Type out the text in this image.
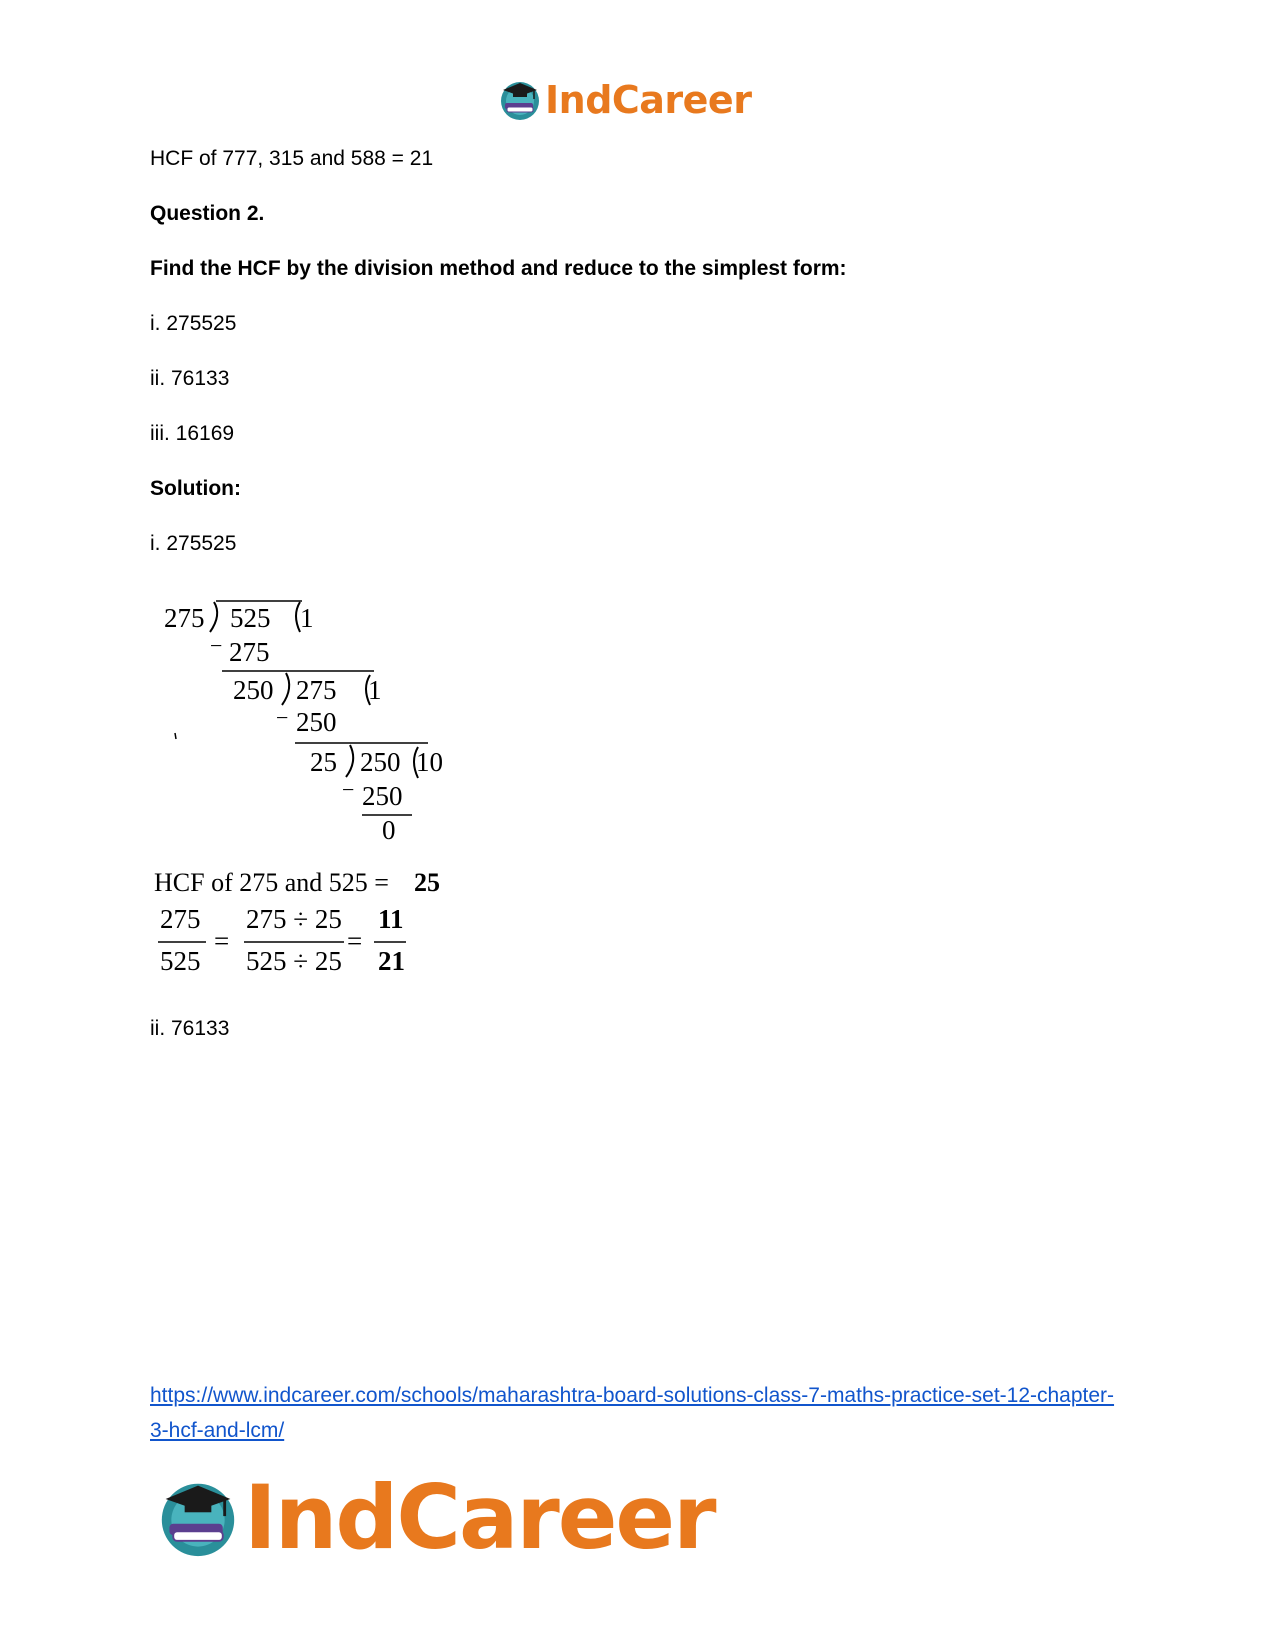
IndCareer
HCF of 777, 315 and 588 = 21
Question 2.
Find the HCF by the division method and reduce to the simplest form:
i. 275525
ii. 76133
iii. 16169
Solution:
i. 275525
275 525 1
− 275
250 275 1
− 250
25 250 10
− 250
0
HCF of 275 and 525 = 25
275
525
=
275 ÷ 25
525 ÷ 25
=
11
21
ii. 76133
https://www.indcareer.com/schools/maharashtra-board-solutions-class-7-maths-practice-set-12-chapter-3-hcf-and-lcm/
IndCareer
